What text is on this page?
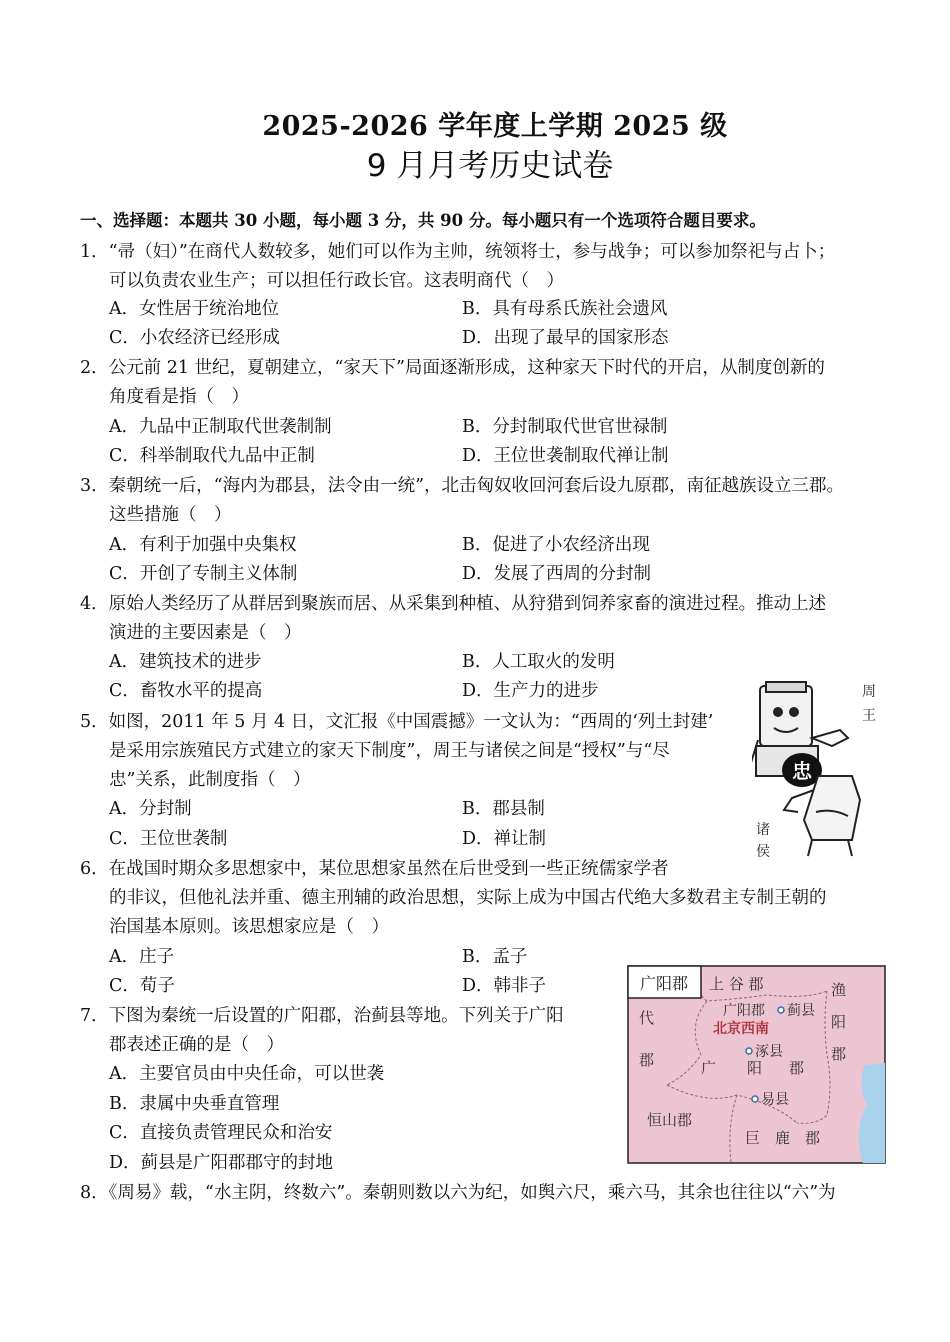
2025-2026 学年度上学期 2025 级
9 月月考历史试卷
一、选择题：本题共 30 小题，每小题 3 分，共 90 分。每小题只有一个选项符合题目要求。
1．“帚（妇）”在商代人数较多，她们可以作为主帅，统领将士，参与战争；可以参加祭祀与占卜；
可以负责农业生产；可以担任行政长官。这表明商代（　）
A．女性居于统治地位	B．具有母系氏族社会遗风
C．小农经济已经形成	D．出现了最早的国家形态
2．公元前 21 世纪，夏朝建立，“家天下”局面逐渐形成，这种家天下时代的开启，从制度创新的
角度看是指（　）
A．九品中正制取代世袭制制	B．分封制取代世官世禄制
C．科举制取代九品中正制	D．王位世袭制取代禅让制
3．秦朝统一后，“海内为郡县，法令由一统”，北击匈奴收回河套后设九原郡，南征越族设立三郡。
这些措施（　）
A．有利于加强中央集权	B．促进了小农经济出现
C．开创了专制主义体制	D．发展了西周的分封制
4．原始人类经历了从群居到聚族而居、从采集到种植、从狩猎到饲养家畜的演进过程。推动上述
演进的主要因素是（　）
A．建筑技术的进步	B．人工取火的发明
C．畜牧水平的提高	D．生产力的进步
5．如图，2011 年 5 月 4 日，文汇报《中国震撼》一文认为：“西周的‘列土封建’
是采用宗族殖民方式建立的家天下制度”，周王与诸侯之间是“授权”与“尽
忠”关系，此制度指（　）
A．分封制	B．郡县制
C．王位世袭制	D．禅让制
6．在战国时期众多思想家中，某位思想家虽然在后世受到一些正统儒家学者
的非议，但他礼法并重、德主刑辅的政治思想，实际上成为中国古代绝大多数君主专制王朝的
治国基本原则。该思想家应是（　）
A．庄子	B．孟子
C．荀子	D．韩非子
7．下图为秦统一后设置的广阳郡，治蓟县等地。下列关于广阳
郡表述正确的是（　）
A．主要官员由中央任命，可以世袭
B．隶属中央垂直管理
C．直接负责管理民众和治安
D．蓟县是广阳郡郡守的封地
8．《周易》载，“水主阴，终数六”。秦朝则数以六为纪，如舆六尺，乘六马，其余也往往以“六”为
忠
周
王
诸
侯
广阳郡 上 谷 郡	渔
阳
郡
代
郡
广阳郡 蓟县
北京西南
涿县
广 阳 郡
易县
恒山郡
巨　鹿　郡
